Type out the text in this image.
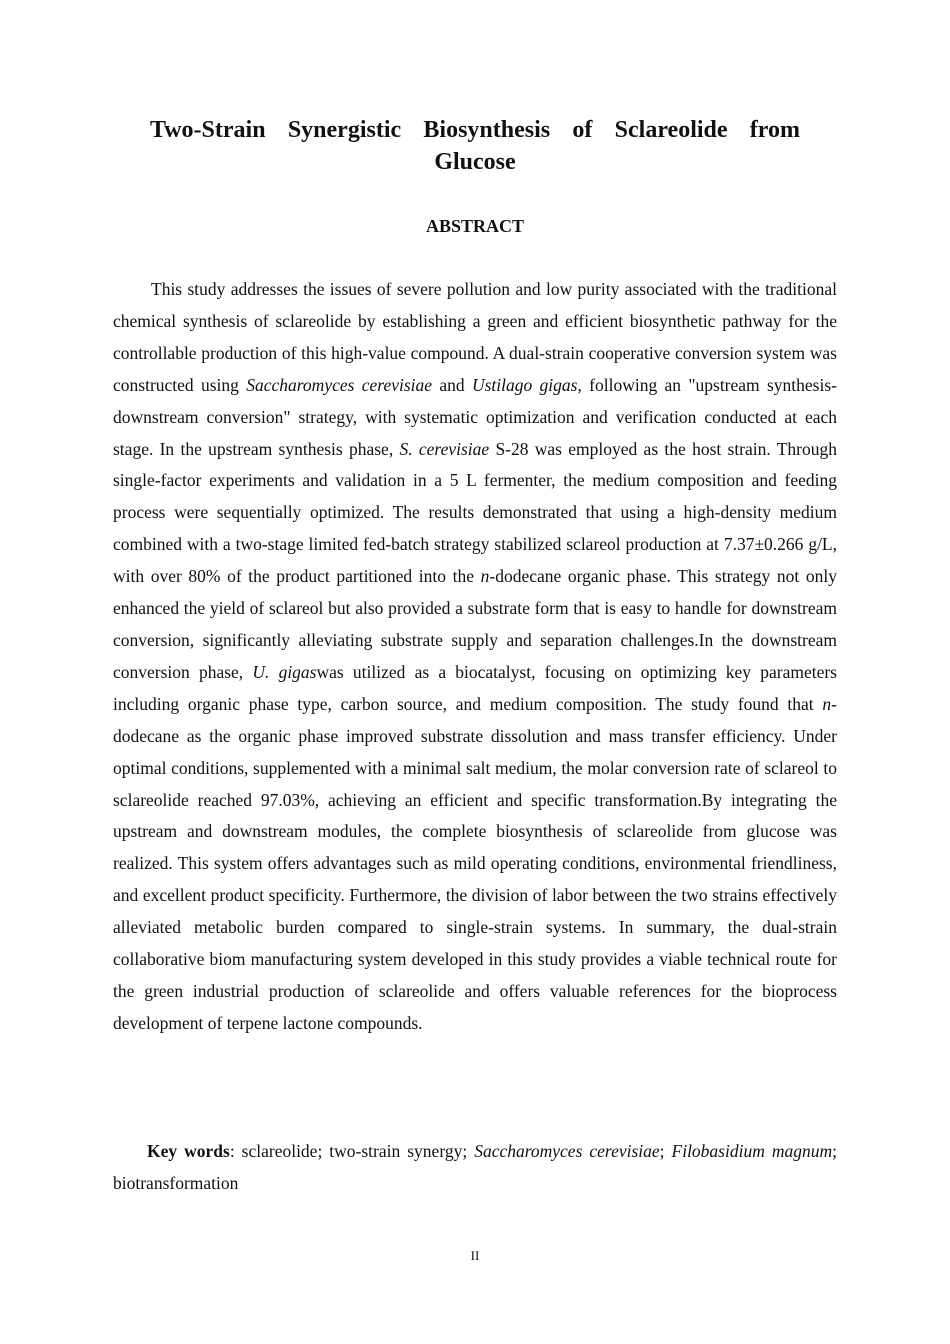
Two-Strain Synergistic Biosynthesis of Sclareolide from Glucose
ABSTRACT

This study addresses the issues of severe pollution and low purity associated with the traditional chemical synthesis of sclareolide by establishing a green and efficient biosynthetic pathway for the controllable production of this high-value compound. A dual-strain cooperative conversion system was constructed using Saccharomyces cerevisiae and Ustilago gigas, following an "upstream synthesis-downstream conversion" strategy, with systematic optimization and verification conducted at each stage. In the upstream synthesis phase, S. cerevisiae S-28 was employed as the host strain. Through single-factor experiments and validation in a 5 L fermenter, the medium composition and feeding process were sequentially optimized. The results demonstrated that using a high-density medium combined with a two-stage limited fed-batch strategy stabilized sclareol production at 7.37±0.266 g/L, with over 80% of the product partitioned into the n-dodecane organic phase. This strategy not only enhanced the yield of sclareol but also provided a substrate form that is easy to handle for downstream conversion, significantly alleviating substrate supply and separation challenges.In the downstream conversion phase, U. gigaswas utilized as a biocatalyst, focusing on optimizing key parameters including organic phase type, carbon source, and medium composition. The study found that n-dodecane as the organic phase improved substrate dissolution and mass transfer efficiency. Under optimal conditions, supplemented with a minimal salt medium, the molar conversion rate of sclareol to sclareolide reached 97.03%, achieving an efficient and specific transformation.By integrating the upstream and downstream modules, the complete biosynthesis of sclareolide from glucose was realized. This system offers advantages such as mild operating conditions, environmental friendliness, and excellent product specificity. Furthermore, the division of labor between the two strains effectively alleviated metabolic burden compared to single-strain systems. In summary, the dual-strain collaborative biom manufacturing system developed in this study provides a viable technical route for the green industrial production of sclareolide and offers valuable references for the bioprocess development of terpene lactone compounds.

Key words: sclareolide; two-strain synergy; Saccharomyces cerevisiae; Filobasidium magnum; biotransformation

II
